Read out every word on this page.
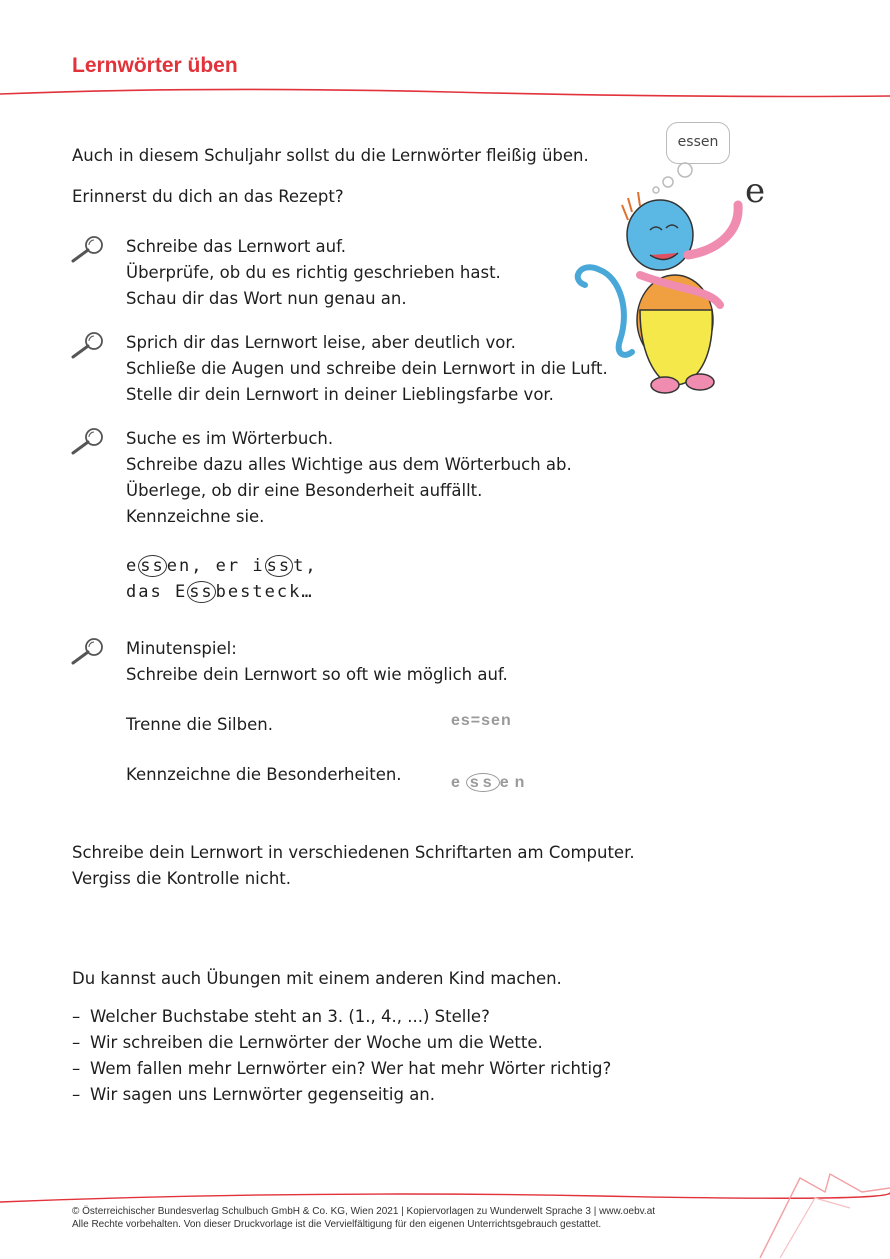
Lernwörter üben

Auch in diesem Schuljahr sollst du die Lernwörter fleißig üben.

Erinnerst du dich an das Rezept?

Schreibe das Lernwort auf.
Überprüfe, ob du es richtig geschrieben hast.
Schau dir das Wort nun genau an.
Sprich dir das Lernwort leise, aber deutlich vor.
Schließe die Augen und schreibe dein Lernwort in die Luft.
Stelle dir dein Lernwort in deiner Lieblingsfarbe vor.
Suche es im Wörterbuch.
Schreibe dazu alles Wichtige aus dem Wörterbuch ab.
Überlege, ob dir eine Besonderheit auffällt.
Kennzeichne sie.
e ss en, er i ss t,
das E ss besteck…
Minutenspiel:
Schreibe dein Lernwort so oft wie möglich auf.

Trenne die Silben.	es=sen

Kennzeichne die Besonderheiten.	e ss en

Schreibe dein Lernwort in verschiedenen Schriftarten am Computer.
Vergiss die Kontrolle nicht.

Du kannst auch Übungen mit einem anderen Kind machen.

– Welcher Buchstabe steht an 3. (1., 4., ...) Stelle?
– Wir schreiben die Lernwörter der Woche um die Wette.
– Wem fallen mehr Lernwörter ein? Wer hat mehr Wörter richtig?
– Wir sagen uns Lernwörter gegenseitig an.
essen
e
© Österreichischer Bundesverlag Schulbuch GmbH & Co. KG, Wien 2021 | Kopiervorlagen zu Wunderwelt Sprache 3 | www.oebv.at
Alle Rechte vorbehalten. Von dieser Druckvorlage ist die Vervielfältigung für den eigenen Unterrichtsgebrauch gestattet.
